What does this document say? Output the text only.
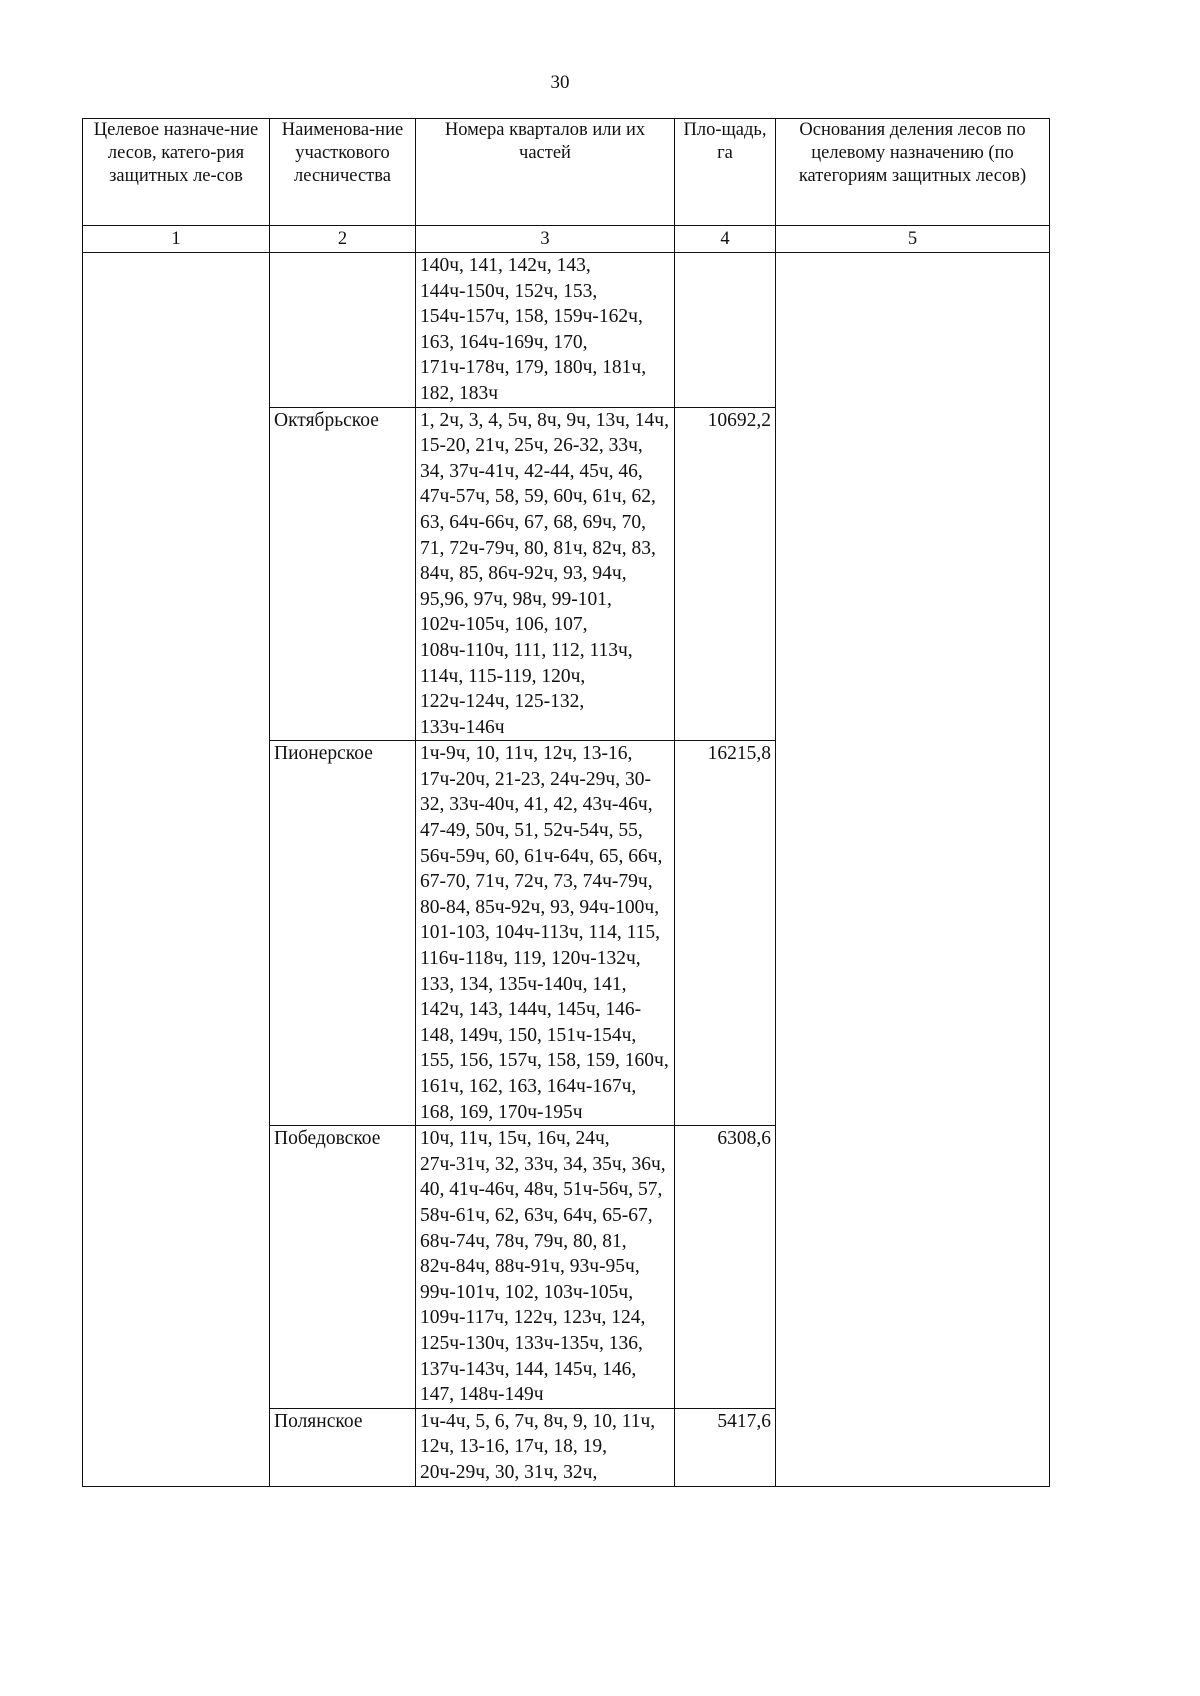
30
Целевое назначе-ние лесов, катего-рия защитных ле-сов	Наименова-ние участкового лесничества	Номера кварталов или их частей	Пло-щадь, га	Основания деления лесов по целевому назначению (по категориям защитных лесов)
1	2	3	4	5
		140ч, 141, 142ч, 143, 144ч-150ч, 152ч, 153, 154ч-157ч, 158, 159ч-162ч, 163, 164ч-169ч, 170, 171ч-178ч, 179, 180ч, 181ч, 182, 183ч		
	Октябрьское	1, 2ч, 3, 4, 5ч, 8ч, 9ч, 13ч, 14ч, 15-20, 21ч, 25ч, 26-32, 33ч, 34, 37ч-41ч, 42-44, 45ч, 46, 47ч-57ч, 58, 59, 60ч, 61ч, 62, 63, 64ч-66ч, 67, 68, 69ч, 70, 71, 72ч-79ч, 80, 81ч, 82ч, 83, 84ч, 85, 86ч-92ч, 93, 94ч, 95,96, 97ч, 98ч, 99-101, 102ч-105ч, 106, 107, 108ч-110ч, 111, 112, 113ч, 114ч, 115-119, 120ч, 122ч-124ч, 125-132, 133ч-146ч	10692,2	
	Пионерское	1ч-9ч, 10, 11ч, 12ч, 13-16, 17ч-20ч, 21-23, 24ч-29ч, 30-32, 33ч-40ч, 41, 42, 43ч-46ч, 47-49, 50ч, 51, 52ч-54ч, 55, 56ч-59ч, 60, 61ч-64ч, 65, 66ч, 67-70, 71ч, 72ч, 73, 74ч-79ч, 80-84, 85ч-92ч, 93, 94ч-100ч, 101-103, 104ч-113ч, 114, 115, 116ч-118ч, 119, 120ч-132ч, 133, 134, 135ч-140ч, 141, 142ч, 143, 144ч, 145ч, 146-148, 149ч, 150, 151ч-154ч, 155, 156, 157ч, 158, 159, 160ч, 161ч, 162, 163, 164ч-167ч, 168, 169, 170ч-195ч	16215,8	
	Победовское	10ч, 11ч, 15ч, 16ч, 24ч, 27ч-31ч, 32, 33ч, 34, 35ч, 36ч, 40, 41ч-46ч, 48ч, 51ч-56ч, 57, 58ч-61ч, 62, 63ч, 64ч, 65-67, 68ч-74ч, 78ч, 79ч, 80, 81, 82ч-84ч, 88ч-91ч, 93ч-95ч, 99ч-101ч, 102, 103ч-105ч, 109ч-117ч, 122ч, 123ч, 124, 125ч-130ч, 133ч-135ч, 136, 137ч-143ч, 144, 145ч, 146, 147, 148ч-149ч	6308,6	
	Полянское	1ч-4ч, 5, 6, 7ч, 8ч, 9, 10, 11ч, 12ч, 13-16, 17ч, 18, 19, 20ч-29ч, 30, 31ч, 32ч,	5417,6	
